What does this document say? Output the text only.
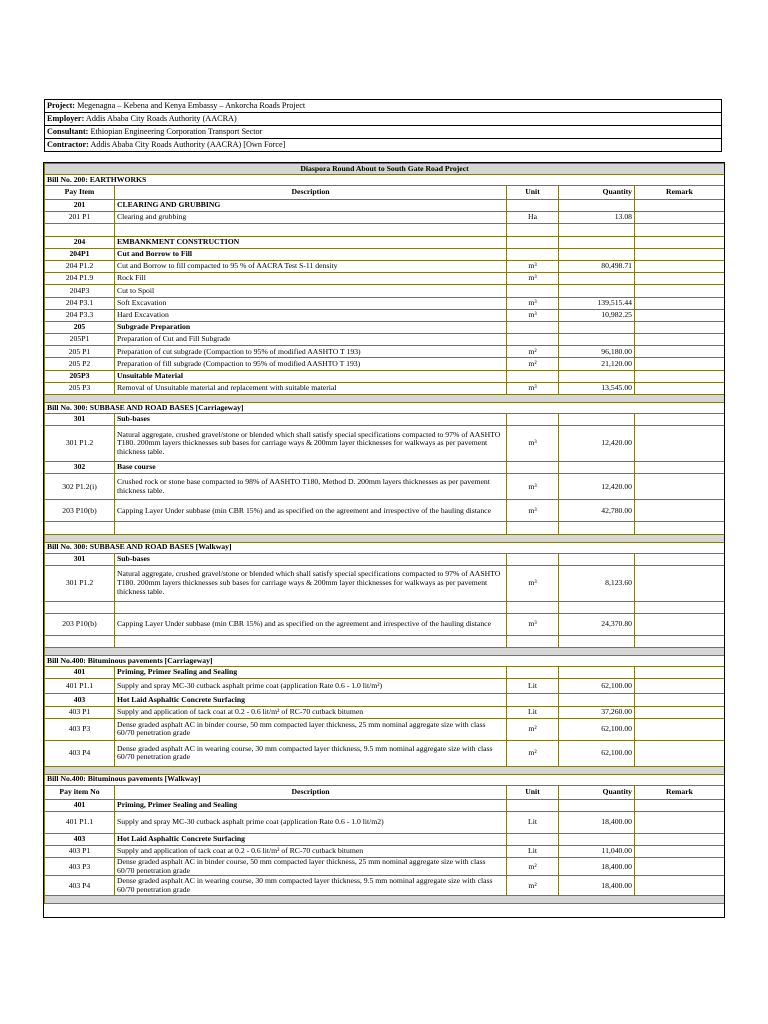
Project: Megenagna – Kebena and Kenya Embassy – Ankorcha Roads Project
Employer: Addis Ababa City Roads Authority (AACRA)
Consultant: Ethiopian Engineering Corporation Transport Sector
Contractor: Addis Ababa City Roads Authority (AACRA) [Own Force]
Diaspora Round About to South Gate Road Project				
Bill No. 200: EARTHWORKS				
Pay Item	Description	Unit	Quantity	Remark
201	CLEARING AND GRUBBING			
201 P1	Clearing and grubbing	Ha	13.08	

204	EMBANKMENT CONSTRUCTION			
204P1	Cut and Borrow to Fill			
204 P1.2	Cut and Borrow to fill compacted to 95 % of AACRA Test S-11 density	m³	80,498.71	
204 P1.9	Rock Fill	m³		
204P3	Cut to Spoil			
204 P3.1	Soft Excavation	m³	139,515.44	
204 P3.3	Hard Excavation	m³	10,982.25	
205	Subgrade Preparation			
205P1	Preparation of Cut and Fill Subgrade			
205 P1	Preparation of cut subgrade (Compaction to 95% of modified AASHTO T 193)	m²	96,180.00	
205 P2	Preparation of fill subgrade (Compaction to 95% of modified AASHTO T 193)	m²	21,120.00	
205P3	Unsuitable Material			
205 P3	Removal of Unsuitable material and replacement with suitable material	m³	13,545.00	

Bill No. 300: SUBBASE AND ROAD BASES [Carriageway]				
301	Sub-bases			
301 P1.2	Natural aggregate, crushed gravel/stone or blended which shall satisfy special specifications compacted to 97% of AASHTO T180. 200mm layers thicknesses sub bases for carriage ways & 200mm layer thicknesses for walkways as per pavement thickness table.	m³	12,420.00	
302	Base course			
302 P1.2(i)	Crushed rock or stone base compacted to 98% of AASHTO T180, Method D. 200mm layers thicknesses as per pavement thickness table.	m³	12,420.00	
203 P10(b)	Capping Layer Under subbase (min CBR 15%) and as specified on the agreement and irrespective of the hauling distance	m³	42,780.00	

Bill No. 300: SUBBASE AND ROAD BASES [Walkway]				
301	Sub-bases			
301 P1.2	Natural aggregate, crushed gravel/stone or blended which shall satisfy special specifications compacted to 97% of AASHTO T180. 200mm layers thicknesses sub bases for carriage ways & 200mm layer thicknesses for walkways as per pavement thickness table.	m³	8,123.60	

203 P10(b)	Capping Layer Under subbase (min CBR 15%) and as specified on the agreement and irrespective of the hauling distance	m³	24,370.80	

Bill No.400: Bituminous pavements [Carriageway]				
401	Priming, Primer Sealing and Sealing			
401 P1.1	Supply and spray MC-30 cutback asphalt prime coat (application Rate 0.6 - 1.0 lit/m²)	Lit	62,100.00	
403	Hot Laid Asphaltic Concrete Surfacing			
403 P1	Supply and application of tack coat at 0.2 - 0.6 lit/m² of RC-70 cutback bitumen	Lit	37,260.00	
403 P3	Dense graded asphalt AC in binder course, 50 mm compacted layer thickness, 25 mm nominal aggregate size with class 60/70 penetration grade	m²	62,100.00	
403 P4	Dense graded asphalt AC in wearing course, 30 mm compacted layer thickness, 9.5 mm nominal aggregate size with class 60/70 penetration grade	m²	62,100.00	

Bill No.400: Bituminous pavements [Walkway]				
Pay item No	Description	Unit	Quantity	Remark
401	Priming, Primer Sealing and Sealing			
401 P1.1	Supply and spray MC-30 cutback asphalt prime coat (application Rate 0.6 - 1.0 lit/m2)	Lit	18,400.00	
403	Hot Laid Asphaltic Concrete Surfacing			
403 P1	Supply and application of tack coat at 0.2 - 0.6 lit/m² of RC-70 cutback bitumen	Lit	11,040.00	
403 P3	Dense graded asphalt AC in binder course, 50 mm compacted layer thickness, 25 mm nominal aggregate size with class 60/70 penetration grade	m²	18,400.00	
403 P4	Dense graded asphalt AC in wearing course, 30 mm compacted layer thickness, 9.5 mm nominal aggregate size with class 60/70 penetration grade	m²	18,400.00	
